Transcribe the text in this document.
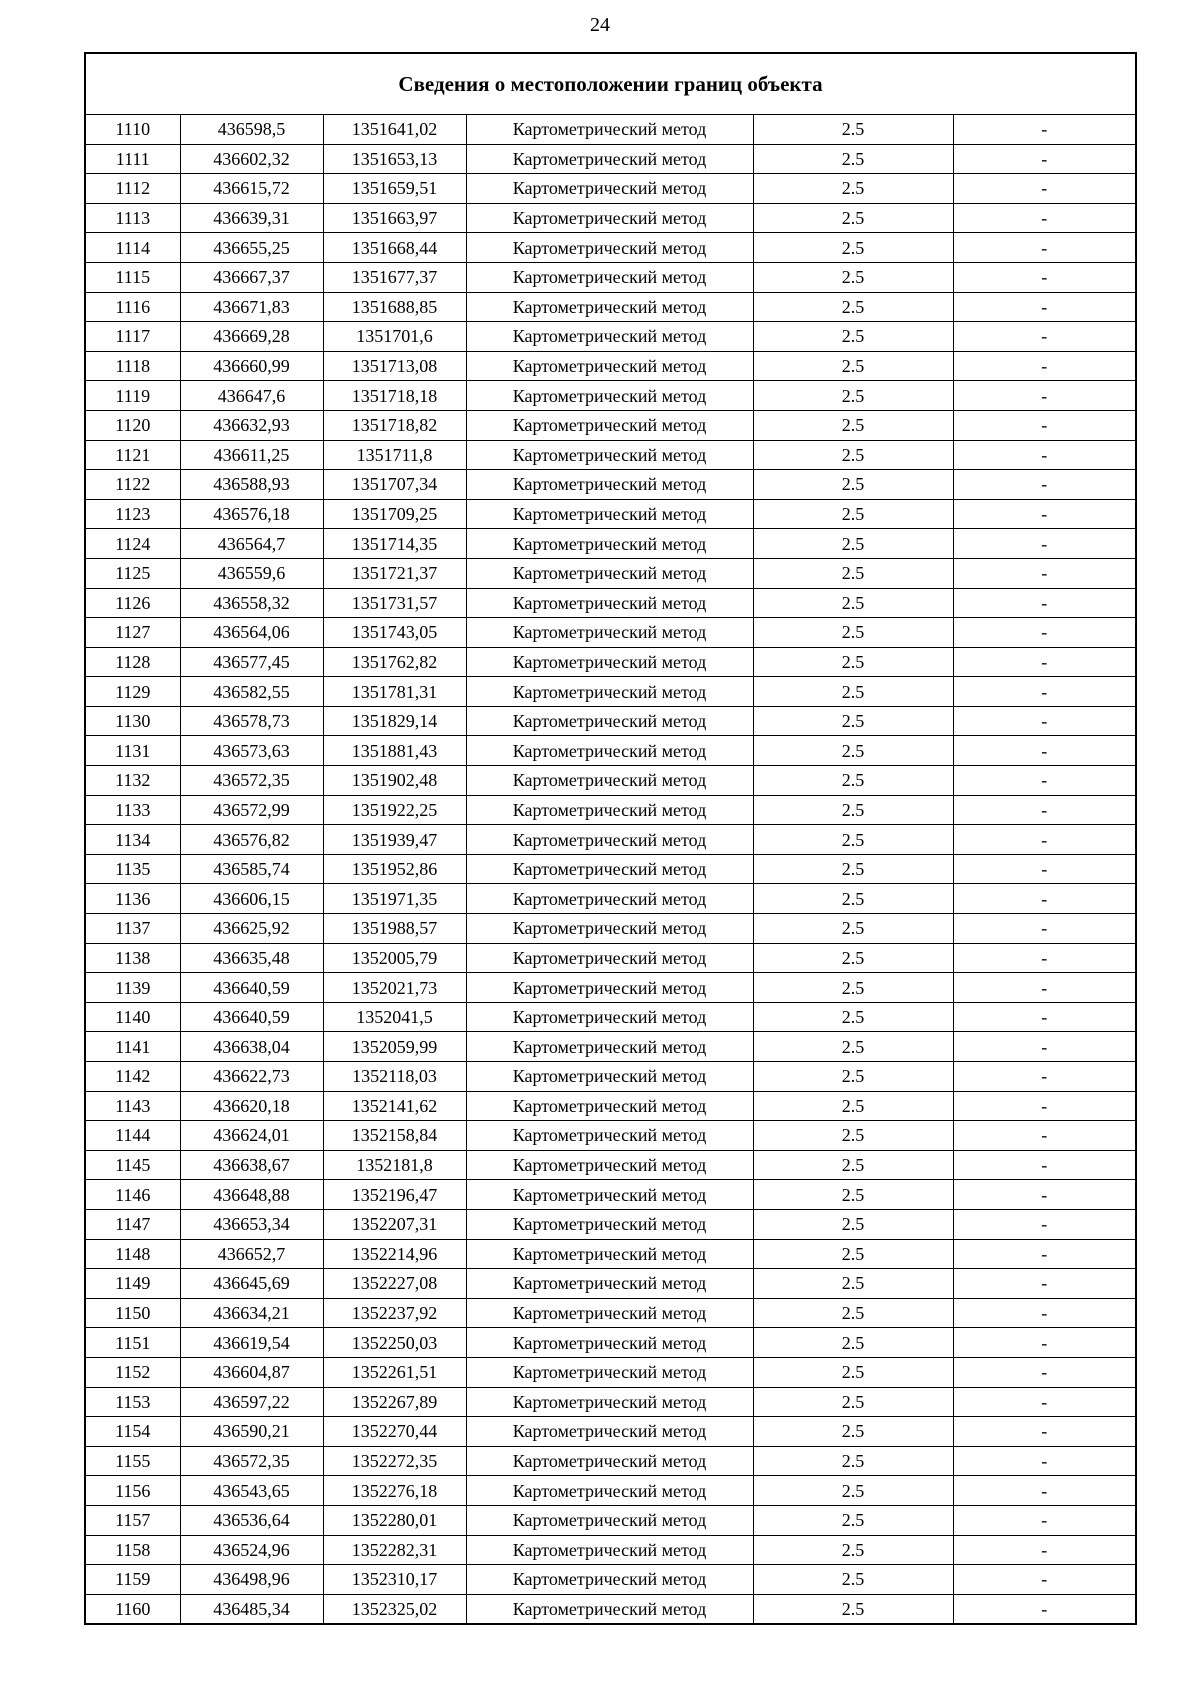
24
Сведения о местоположении границ объекта					
1110	436598,5	1351641,02	Картометрический метод	2.5	-
1111	436602,32	1351653,13	Картометрический метод	2.5	-
1112	436615,72	1351659,51	Картометрический метод	2.5	-
1113	436639,31	1351663,97	Картометрический метод	2.5	-
1114	436655,25	1351668,44	Картометрический метод	2.5	-
1115	436667,37	1351677,37	Картометрический метод	2.5	-
1116	436671,83	1351688,85	Картометрический метод	2.5	-
1117	436669,28	1351701,6	Картометрический метод	2.5	-
1118	436660,99	1351713,08	Картометрический метод	2.5	-
1119	436647,6	1351718,18	Картометрический метод	2.5	-
1120	436632,93	1351718,82	Картометрический метод	2.5	-
1121	436611,25	1351711,8	Картометрический метод	2.5	-
1122	436588,93	1351707,34	Картометрический метод	2.5	-
1123	436576,18	1351709,25	Картометрический метод	2.5	-
1124	436564,7	1351714,35	Картометрический метод	2.5	-
1125	436559,6	1351721,37	Картометрический метод	2.5	-
1126	436558,32	1351731,57	Картометрический метод	2.5	-
1127	436564,06	1351743,05	Картометрический метод	2.5	-
1128	436577,45	1351762,82	Картометрический метод	2.5	-
1129	436582,55	1351781,31	Картометрический метод	2.5	-
1130	436578,73	1351829,14	Картометрический метод	2.5	-
1131	436573,63	1351881,43	Картометрический метод	2.5	-
1132	436572,35	1351902,48	Картометрический метод	2.5	-
1133	436572,99	1351922,25	Картометрический метод	2.5	-
1134	436576,82	1351939,47	Картометрический метод	2.5	-
1135	436585,74	1351952,86	Картометрический метод	2.5	-
1136	436606,15	1351971,35	Картометрический метод	2.5	-
1137	436625,92	1351988,57	Картометрический метод	2.5	-
1138	436635,48	1352005,79	Картометрический метод	2.5	-
1139	436640,59	1352021,73	Картометрический метод	2.5	-
1140	436640,59	1352041,5	Картометрический метод	2.5	-
1141	436638,04	1352059,99	Картометрический метод	2.5	-
1142	436622,73	1352118,03	Картометрический метод	2.5	-
1143	436620,18	1352141,62	Картометрический метод	2.5	-
1144	436624,01	1352158,84	Картометрический метод	2.5	-
1145	436638,67	1352181,8	Картометрический метод	2.5	-
1146	436648,88	1352196,47	Картометрический метод	2.5	-
1147	436653,34	1352207,31	Картометрический метод	2.5	-
1148	436652,7	1352214,96	Картометрический метод	2.5	-
1149	436645,69	1352227,08	Картометрический метод	2.5	-
1150	436634,21	1352237,92	Картометрический метод	2.5	-
1151	436619,54	1352250,03	Картометрический метод	2.5	-
1152	436604,87	1352261,51	Картометрический метод	2.5	-
1153	436597,22	1352267,89	Картометрический метод	2.5	-
1154	436590,21	1352270,44	Картометрический метод	2.5	-
1155	436572,35	1352272,35	Картометрический метод	2.5	-
1156	436543,65	1352276,18	Картометрический метод	2.5	-
1157	436536,64	1352280,01	Картометрический метод	2.5	-
1158	436524,96	1352282,31	Картометрический метод	2.5	-
1159	436498,96	1352310,17	Картометрический метод	2.5	-
1160	436485,34	1352325,02	Картометрический метод	2.5	-
